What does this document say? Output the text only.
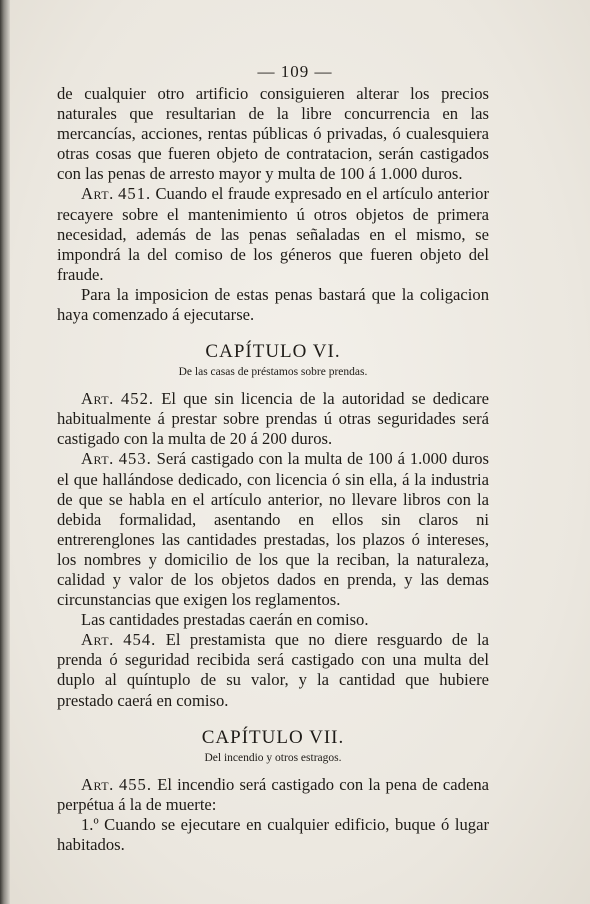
— 109 —

de cualquier otro artificio consiguieren alterar los precios naturales que resultarian de la libre concurrencia en las mercancías, acciones, rentas públicas ó privadas, ó cualesquiera otras cosas que fueren objeto de contratacion, serán castigados con las penas de arresto mayor y multa de 100 á 1.000 duros.

Art. 451. Cuando el fraude expresado en el artículo anterior recayere sobre el mantenimiento ú otros objetos de primera necesidad, además de las penas señaladas en el mismo, se impondrá la del comiso de los géneros que fueren objeto del fraude.

Para la imposicion de estas penas bastará que la coligacion haya comenzado á ejecutarse.

CAPÍTULO VI.
De las casas de préstamos sobre prendas.

Art. 452. El que sin licencia de la autoridad se dedicare habitualmente á prestar sobre prendas ú otras seguridades será castigado con la multa de 20 á 200 duros.

Art. 453. Será castigado con la multa de 100 á 1.000 duros el que hallándose dedicado, con licencia ó sin ella, á la industria de que se habla en el artículo anterior, no llevare libros con la debida formalidad, asentando en ellos sin claros ni entrerenglones las cantidades prestadas, los plazos ó intereses, los nombres y domicilio de los que la reciban, la naturaleza, calidad y valor de los objetos dados en prenda, y las demas circunstancias que exigen los reglamentos.

Las cantidades prestadas caerán en comiso.

Art. 454. El prestamista que no diere resguardo de la prenda ó seguridad recibida será castigado con una multa del duplo al quíntuplo de su valor, y la cantidad que hubiere prestado caerá en comiso.

CAPÍTULO VII.
Del incendio y otros estragos.

Art. 455. El incendio será castigado con la pena de cadena perpétua á la de muerte:

1.º Cuando se ejecutare en cualquier edificio, buque ó lugar habitados.
